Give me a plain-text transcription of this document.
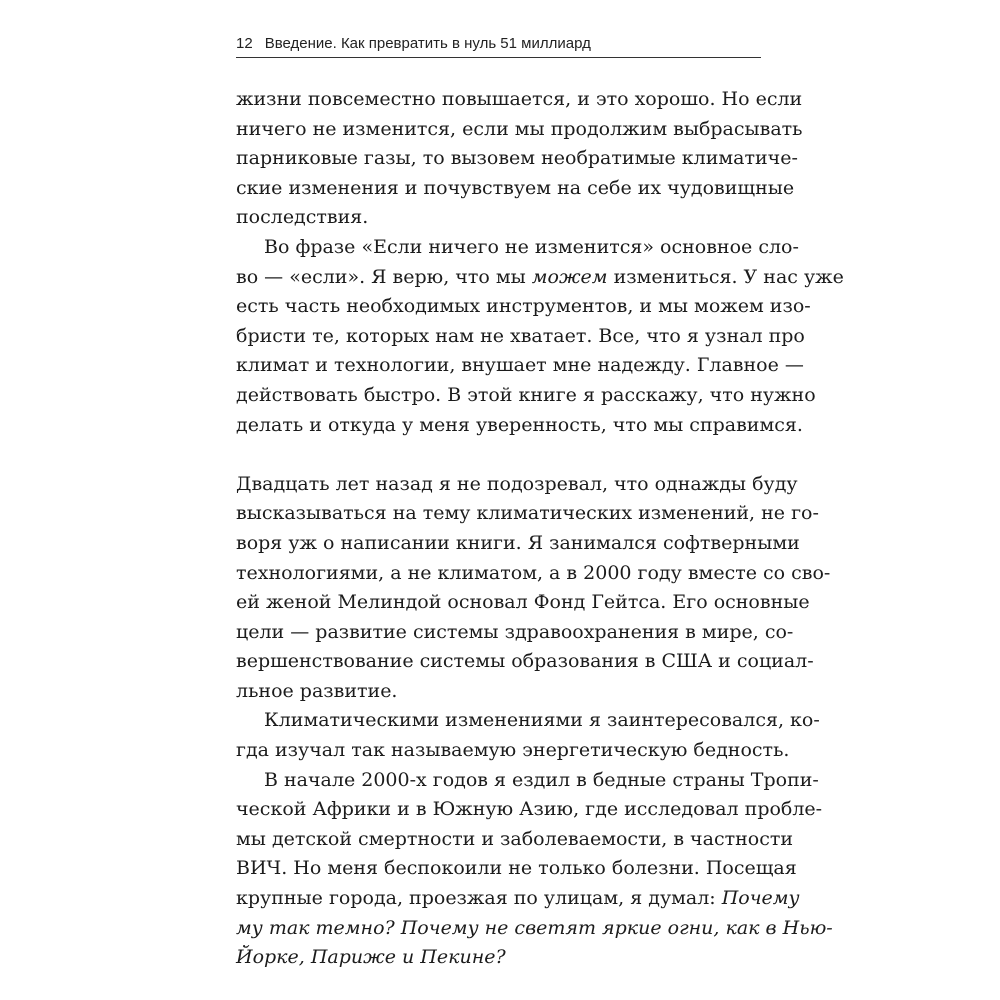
12 Введение. Как превратить в нуль 51 миллиард

жизни повсеместно повышается, и это хорошо. Но если
ничего не изменится, если мы продолжим выбрасывать
парниковые газы, то вызовем необратимые климатиче-
ские изменения и почувствуем на себе их чудовищные
последствия.

Во фразе «Если ничего не изменится» основное сло-
во — «если». Я верю, что мы можем измениться. У нас уже
есть часть необходимых инструментов, и мы можем изо-
бристи те, которых нам не хватает. Все, что я узнал про
климат и технологии, внушает мне надежду. Главное —
действовать быстро. В этой книге я расскажу, что нужно
делать и откуда у меня уверенность, что мы справимся.

Двадцать лет назад я не подозревал, что однажды буду
высказываться на тему климатических изменений, не го-
воря уж о написании книги. Я занимался софтверными
технологиями, а не климатом, а в 2000 году вместе со сво-
ей женой Мелиндой основал Фонд Гейтса. Его основные
цели — развитие системы здравоохранения в мире, со-
вершенствование системы образования в США и социал-
льное развитие.

Климатическими изменениями я заинтересовался, ко-
гда изучал так называемую энергетическую бедность.

В начале 2000-х годов я ездил в бедные страны Тропи-
ческой Африки и в Южную Азию, где исследовал пробле-
мы детской смертности и заболеваемости, в частности
ВИЧ. Но меня беспокоили не только болезни. Посещая
крупные города, проезжая по улицам, я думал: Почему
му так темно? Почему не светят яркие огни, как в Нью-
Йорке, Париже и Пекине?
